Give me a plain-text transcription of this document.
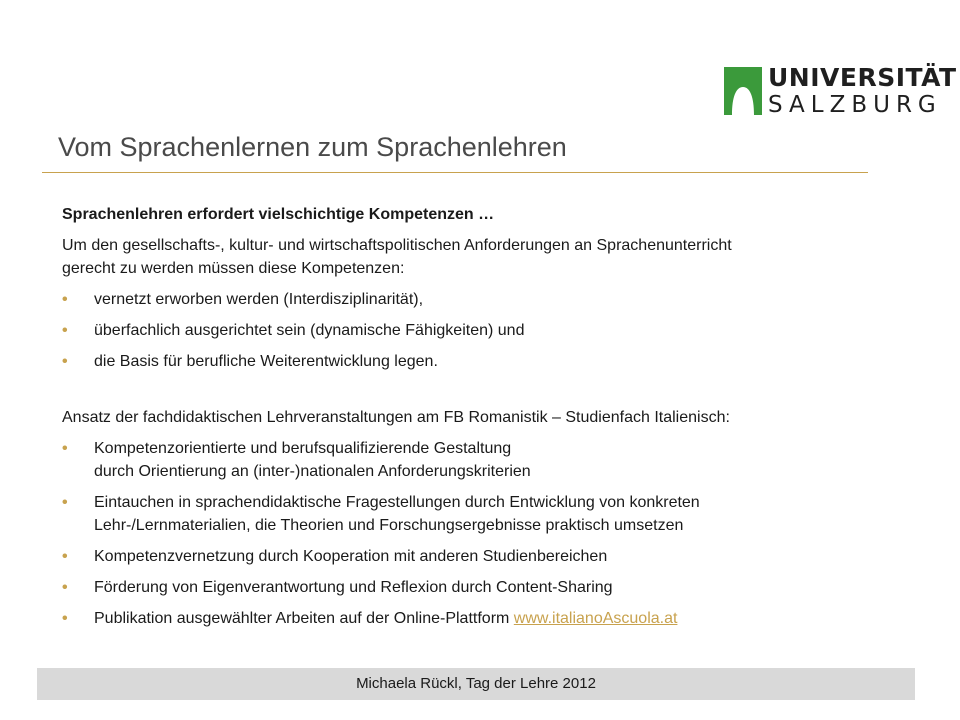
UNIVERSITÄT
SALZBURG
Vom Sprachenlernen zum Sprachenlehren
Sprachenlehren erfordert vielschichtige Kompetenzen …
Um den gesellschafts-, kultur- und wirtschaftspolitischen Anforderungen an Sprachenunterricht
gerecht zu werden müssen diese Kompetenzen:
• vernetzt erworben werden (Interdisziplinarität),
• überfachlich ausgerichtet sein (dynamische Fähigkeiten) und
• die Basis für berufliche Weiterentwicklung legen.
Ansatz der fachdidaktischen Lehrveranstaltungen am FB Romanistik – Studienfach Italienisch:
• Kompetenzorientierte und berufsqualifizierende Gestaltung
durch Orientierung an (inter-)nationalen Anforderungskriterien
• Eintauchen in sprachendidaktische Fragestellungen durch Entwicklung von konkreten
Lehr-/Lernmaterialien, die Theorien und Forschungsergebnisse praktisch umsetzen
• Kompetenzvernetzung durch Kooperation mit anderen Studienbereichen
• Förderung von Eigenverantwortung und Reflexion durch Content-Sharing
• Publikation ausgewählter Arbeiten auf der Online-Plattform www.italianoAscuola.at
Michaela Rückl, Tag der Lehre 2012
